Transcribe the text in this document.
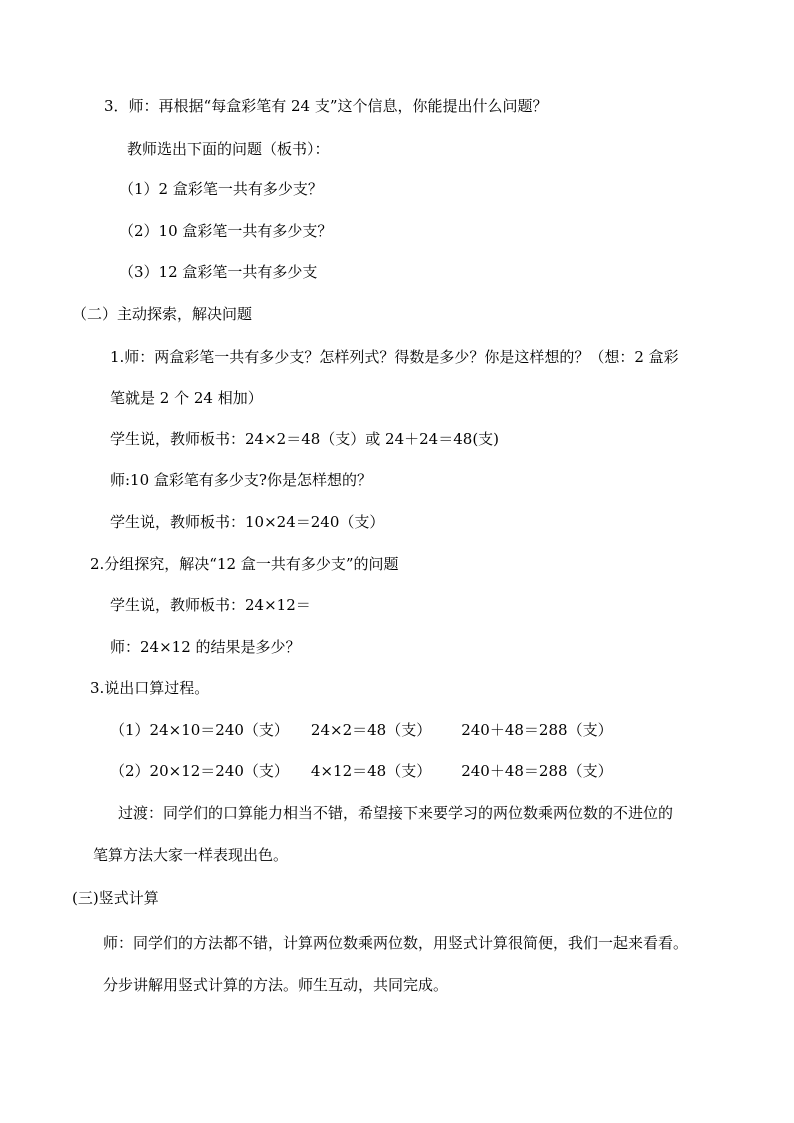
3．师：再根据“每盒彩笔有 24 支”这个信息，你能提出什么问题？
教师选出下面的问题（板书）：
（1）2 盒彩笔一共有多少支？
（2）10 盒彩笔一共有多少支？
（3）12 盒彩笔一共有多少支
（二）主动探索，解决问题
1.师：两盒彩笔一共有多少支？怎样列式？得数是多少？你是这样想的？（想：2 盒彩
笔就是 2 个 24 相加）
学生说，教师板书：24×2＝48（支）或 24＋24＝48(支)
师:10 盒彩笔有多少支?你是怎样想的？
学生说，教师板书：10×24＝240（支）
2.分组探究，解决“12 盒一共有多少支”的问题
学生说，教师板书：24×12＝
师：24×12 的结果是多少？
3.说出口算过程。
（1）24×10＝240（支） 24×2＝48（支） 240＋48＝288（支）
（2）20×12＝240（支） 4×12＝48（支） 240＋48＝288（支）
过渡：同学们的口算能力相当不错，希望接下来要学习的两位数乘两位数的不进位的
笔算方法大家一样表现出色。
(三)竖式计算
师：同学们的方法都不错，计算两位数乘两位数，用竖式计算很简便，我们一起来看看。
分步讲解用竖式计算的方法。师生互动，共同完成。
